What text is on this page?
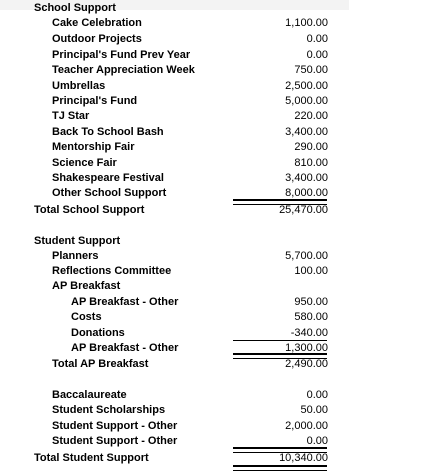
School Support
Cake Celebration	1,100.00
Outdoor Projects	0.00
Principal's Fund Prev Year	0.00
Teacher Appreciation Week	750.00
Umbrellas	2,500.00
Principal's Fund	5,000.00
TJ Star	220.00
Back To School Bash	3,400.00
Mentorship Fair	290.00
Science Fair	810.00
Shakespeare Festival	3,400.00
Other School Support	8,000.00
Total School Support	25,470.00
Student Support
Planners	5,700.00
Reflections Committee	100.00
AP Breakfast
AP Breakfast - Other	950.00
Costs	580.00
Donations	-340.00
AP Breakfast - Other	1,300.00
Total AP Breakfast	2,490.00
Baccalaureate	0.00
Student Scholarships	50.00
Student Support - Other	2,000.00
Student Support - Other	0.00
Total Student Support	10,340.00
